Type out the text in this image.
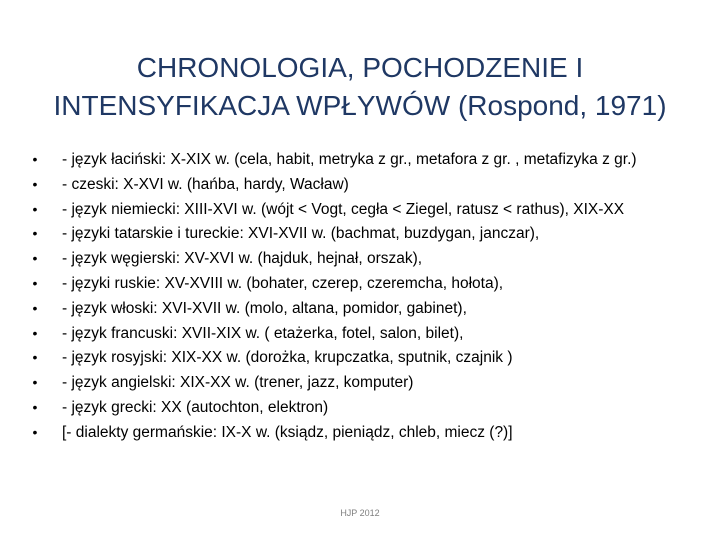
CHRONOLOGIA, POCHODZENIE I
INTENSYFIKACJA WPŁYWÓW (Rospond, 1971)
• - język łaciński: X-XIX w. (cela, habit, metryka z gr., metafora z gr. , metafizyka z gr.)
• - czeski: X-XVI w. (hańba, hardy, Wacław)
• - język niemiecki: XIII-XVI w. (wójt < Vogt, cegła < Ziegel, ratusz < rathus), XIX-XX
• - języki tatarskie i tureckie: XVI-XVII w. (bachmat, buzdygan, janczar),
• - język węgierski: XV-XVI w. (hajduk, hejnał, orszak),
• - języki ruskie: XV-XVIII w. (bohater, czerep, czeremcha, hołota),
• - język włoski: XVI-XVII w. (molo, altana, pomidor, gabinet),
• - język francuski: XVII-XIX w. ( etażerka, fotel, salon, bilet),
• - język rosyjski: XIX-XX w. (dorożka, krupczatka, sputnik, czajnik )
• - język angielski: XIX-XX w. (trener, jazz, komputer)
• - język grecki: XX (autochton, elektron)
• [- dialekty germańskie: IX-X w. (ksiądz, pieniądz, chleb, miecz (?)]
HJP 2012
